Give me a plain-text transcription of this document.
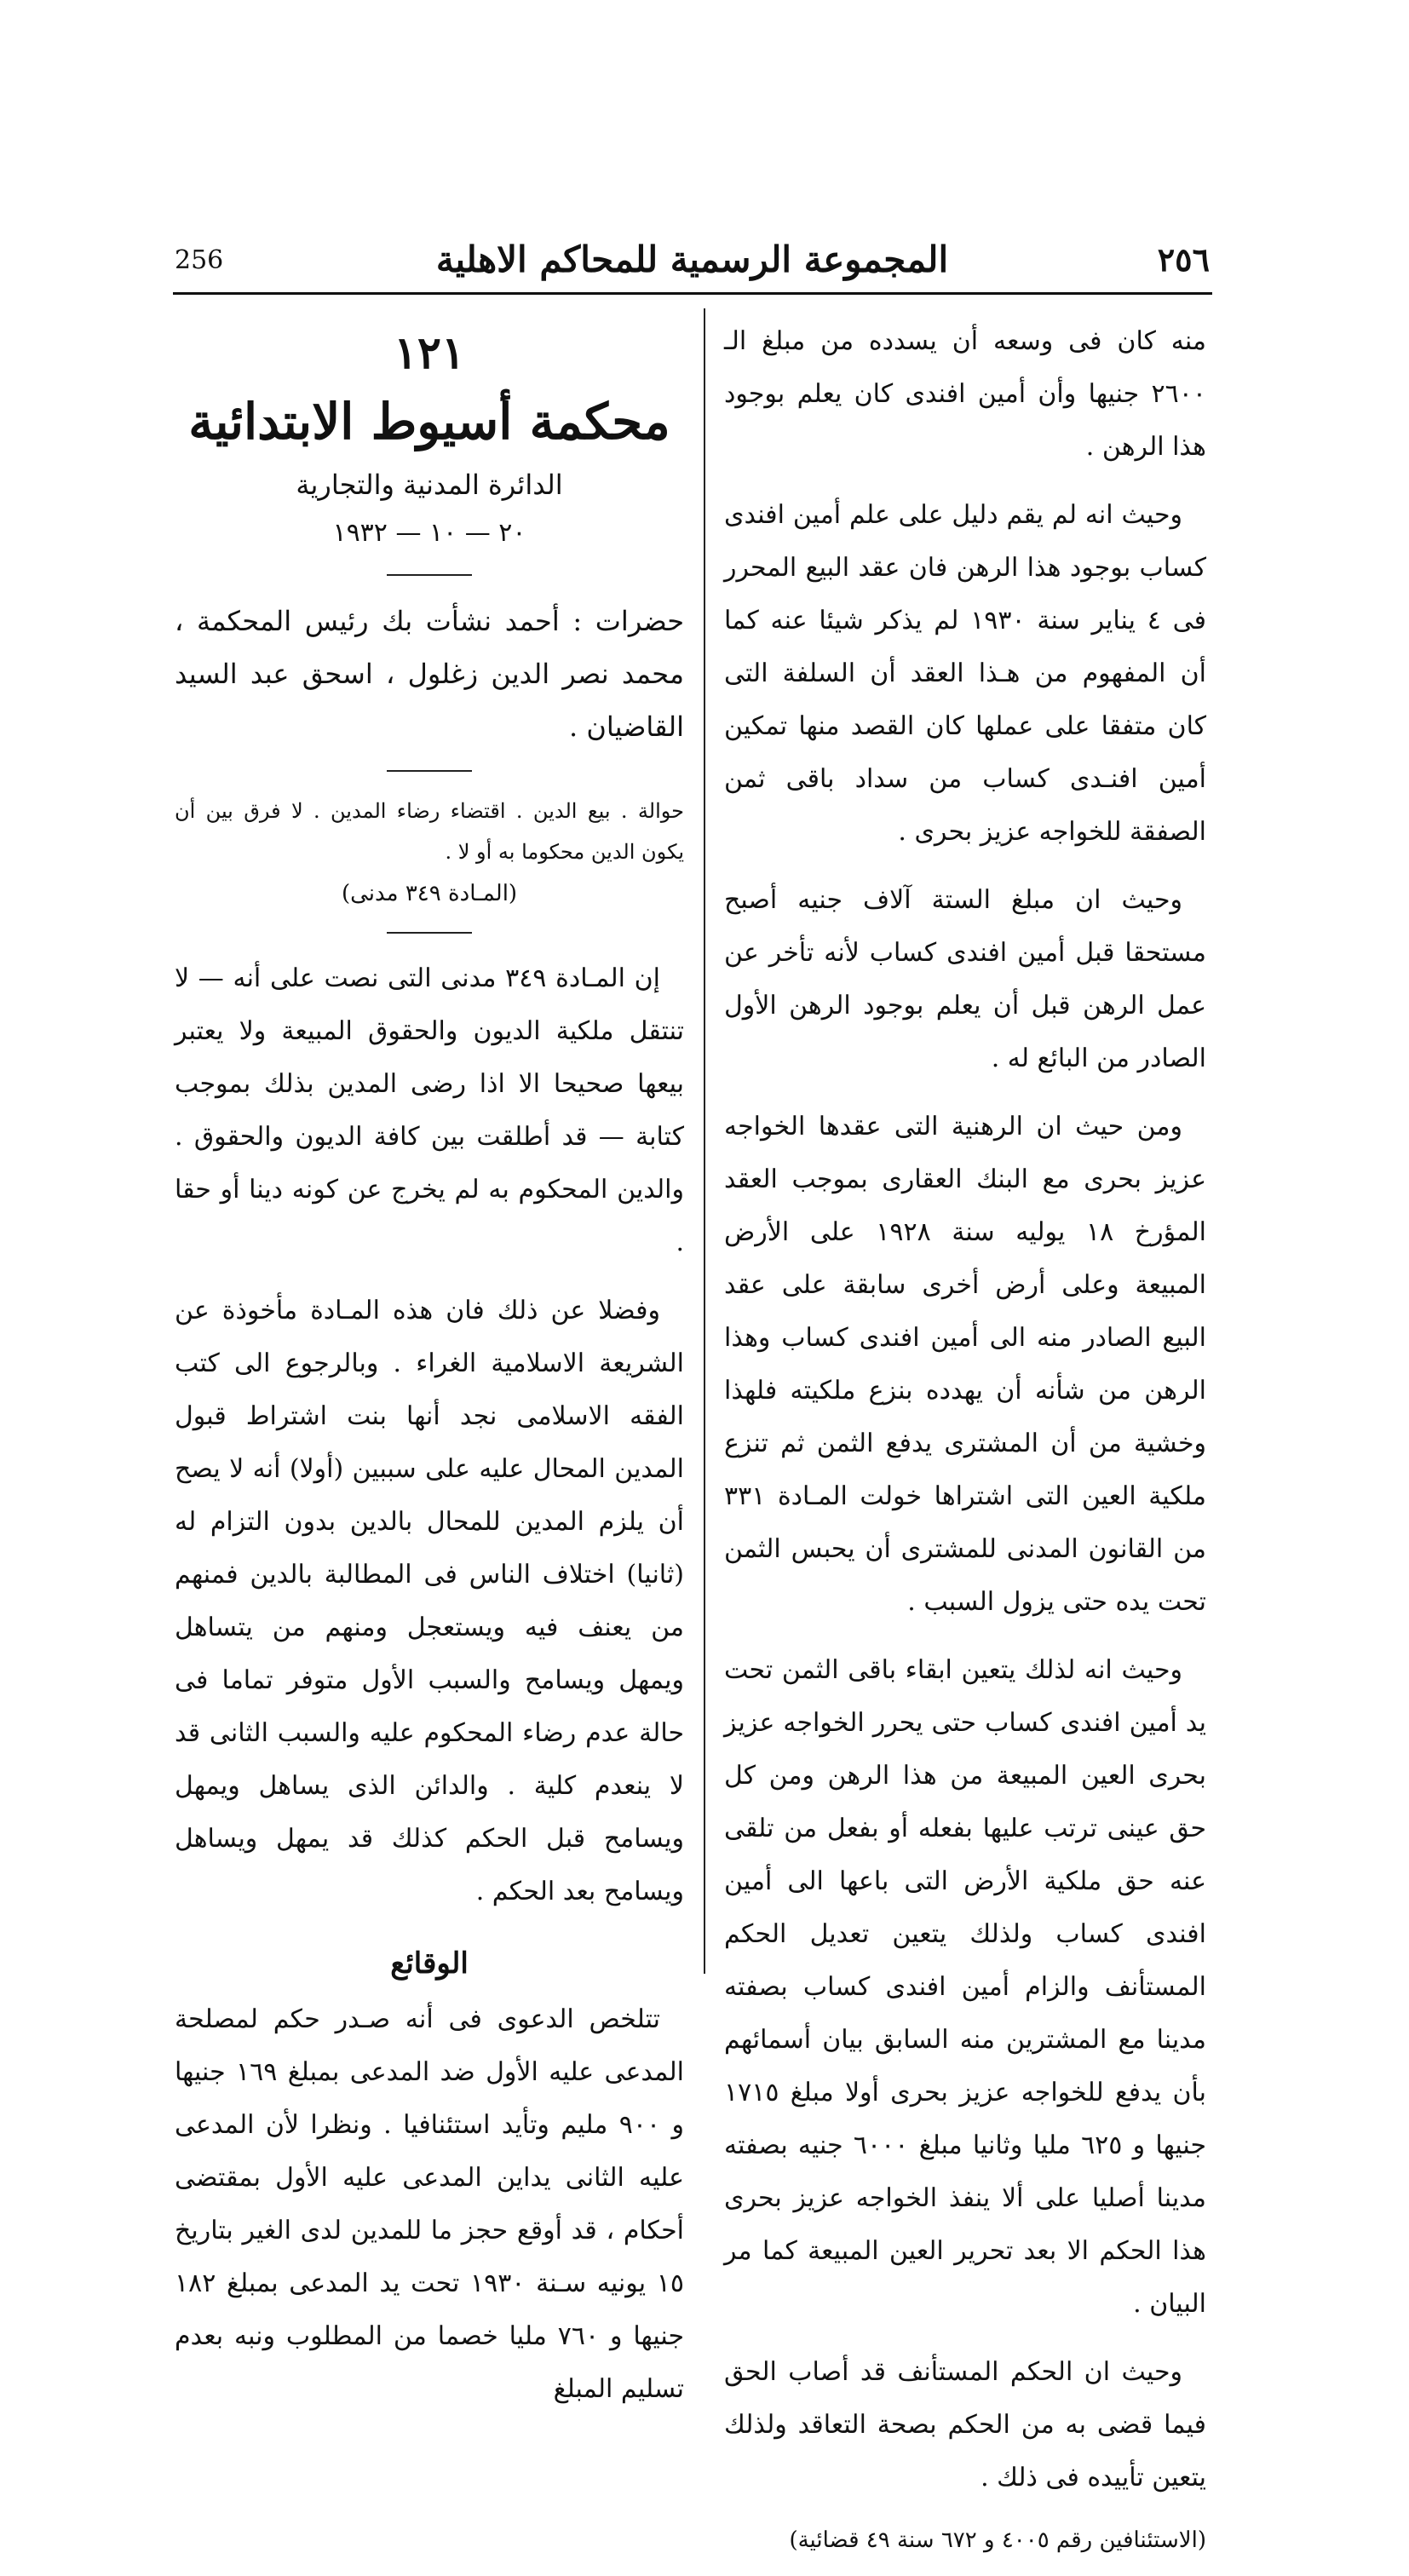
256	المجموعة الرسمية للمحاكم الاهلية	٢٥٦

منه كان فى وسعه أن يسدده من مبلغ الـ ٢٦٠٠ جنيها وأن أمين افندى كان يعلم بوجود هذا الرهن .

وحيث انه لم يقم دليل على علم أمين افندى كساب بوجود هذا الرهن فان عقد البيع المحرر فى ٤ يناير سنة ١٩٣٠ لم يذكر شيئا عنه كما أن المفهوم من هـذا العقد أن السلفة التى كان متفقا على عملها كان القصد منها تمكين أمين افنـدى كساب من سداد باقى ثمن الصفقة للخواجه عزيز بحرى .

وحيث ان مبلغ الستة آلاف جنيه أصبح مستحقا قبل أمين افندى كساب لأنه تأخر عن عمل الرهن قبل أن يعلم بوجود الرهن الأول الصادر من البائع له .

ومن حيث ان الرهنية التى عقدها الخواجه عزيز بحرى مع البنك العقارى بموجب العقد المؤرخ ١٨ يوليه سنة ١٩٢٨ على الأرض المبيعة وعلى أرض أخرى سابقة على عقد البيع الصادر منه الى أمين افندى كساب وهذا الرهن من شأنه أن يهدده بنزع ملكيته فلهذا وخشية من أن المشترى يدفع الثمن ثم تنزع ملكية العين التى اشتراها خولت المـادة ٣٣١ من القانون المدنى للمشترى أن يحبس الثمن تحت يده حتى يزول السبب .

وحيث انه لذلك يتعين ابقاء باقى الثمن تحت يد أمين افندى كساب حتى يحرر الخواجه عزيز بحرى العين المبيعة من هذا الرهن ومن كل حق عينى ترتب عليها بفعله أو بفعل من تلقى عنه حق ملكية الأرض التى باعها الى أمين افندى كساب ولذلك يتعين تعديل الحكم المستأنف والزام أمين افندى كساب بصفته مدينا مع المشترين منه السابق بيان أسمائهم بأن يدفع للخواجه عزيز بحرى أولا مبلغ ١٧١٥ جنيها و ٦٢٥ مليا وثانيا مبلغ ٦٠٠٠ جنيه بصفته مدينا أصليا على ألا ينفذ الخواجه عزيز بحرى هذا الحكم الا بعد تحرير العين المبيعة كما مر البيان .

وحيث ان الحكم المستأنف قد أصاب الحق فيما قضى به من الحكم بصحة التعاقد ولذلك يتعين تأييده فى ذلك .

(الاستئنافين رقم ٤٠٠٥ و ٦٧٢ سنة ٤٩ قضائية)

١٢١
محكمة أسيوط الابتدائية
الدائرة المدنية والتجارية
٢٠ — ١٠ — ١٩٣٢

حضرات : أحمد نشأت بك رئيس المحكمة ، محمد نصر الدين زغلول ، اسحق عبد السيد القاضيان .

حوالة . بيع الدين . اقتضاء رضاء المدين . لا فرق بين أن يكون الدين محكوما به أو لا .

(المـادة ٣٤٩ مدنى)

إن المـادة ٣٤٩ مدنى التى نصت على أنه — لا تنتقل ملكية الديون والحقوق المبيعة ولا يعتبر بيعها صحيحا الا اذا رضى المدين بذلك بموجب كتابة — قد أطلقت بين كافة الديون والحقوق . والدين المحكوم به لم يخرج عن كونه دينا أو حقا .

وفضلا عن ذلك فان هذه المـادة مأخوذة عن الشريعة الاسلامية الغراء . وبالرجوع الى كتب الفقه الاسلامى نجد أنها بنت اشتراط قبول المدين المحال عليه على سببين (أولا) أنه لا يصح أن يلزم المدين للمحال بالدين بدون التزام له (ثانيا) اختلاف الناس فى المطالبة بالدين فمنهم من يعنف فيه ويستعجل ومنهم من يتساهل ويمهل ويسامح والسبب الأول متوفر تماما فى حالة عدم رضاء المحكوم عليه والسبب الثانى قد لا ينعدم كلية . والدائن الذى يساهل ويمهل ويسامح قبل الحكم كذلك قد يمهل ويساهل ويسامح بعد الحكم .

الوقائع

تتلخص الدعوى فى أنه صـدر حكم لمصلحة المدعى عليه الأول ضد المدعى بمبلغ ١٦٩ جنيها و ٩٠٠ مليم وتأيد استئنافيا . ونظرا لأن المدعى عليه الثانى يداين المدعى عليه الأول بمقتضى أحكام ، قد أوقع حجز ما للمدين لدى الغير بتاريخ ١٥ يونيه سـنة ١٩٣٠ تحت يد المدعى بمبلغ ١٨٢ جنيها و ٧٦٠ مليا خصما من المطلوب ونبه بعدم تسليم المبلغ
